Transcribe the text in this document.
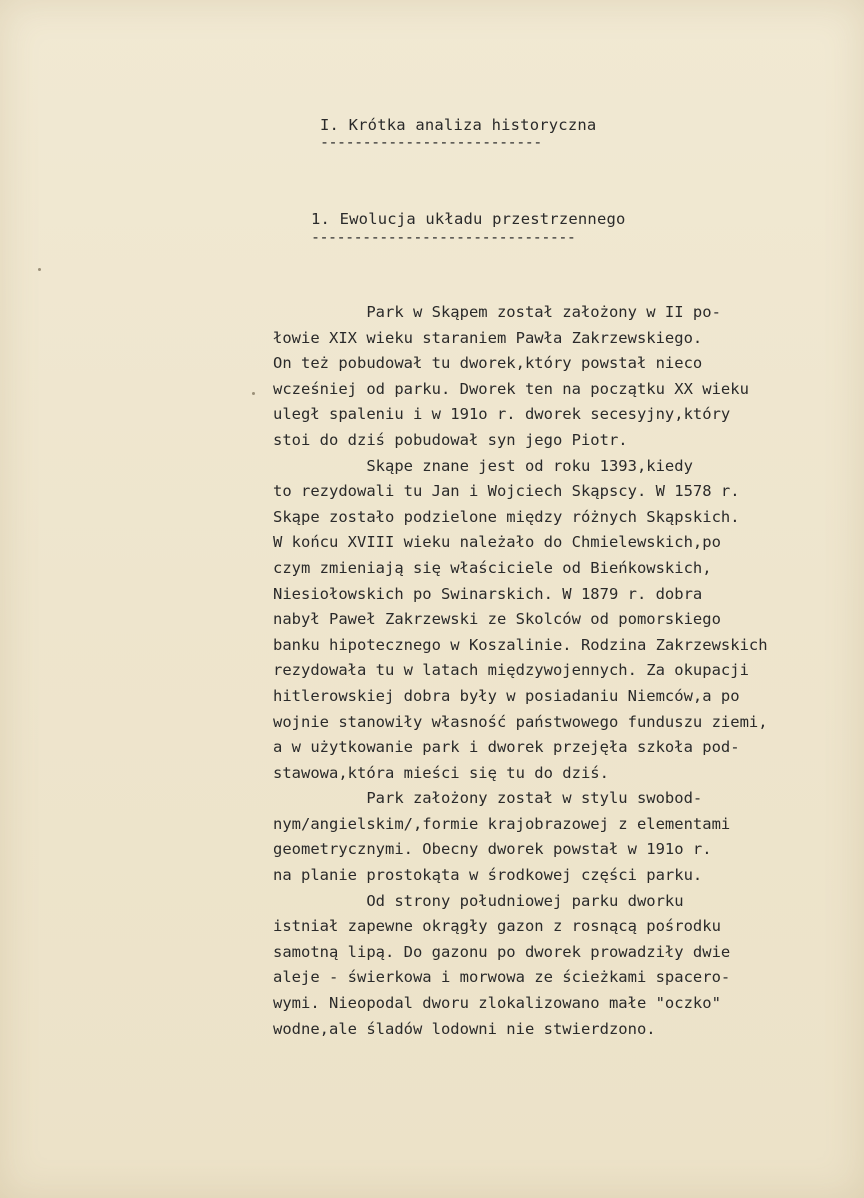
I. Krótka analiza historyczna
--------------------------
1. Ewolucja układu przestrzennego
-------------------------------
Park w Skąpem został założony w II po-
łowie XIX wieku staraniem Pawła Zakrzewskiego.
On też pobudował tu dworek,który powstał nieco
wcześniej od parku. Dworek ten na początku XX wieku
uległ spaleniu i w 191o r. dworek secesyjny,który
stoi do dziś pobudował syn jego Piotr.
Skąpe znane jest od roku 1393,kiedy
to rezydowali tu Jan i Wojciech Skąpscy. W 1578 r.
Skąpe zostało podzielone między różnych Skąpskich.
W końcu XVIII wieku należało do Chmielewskich,po
czym zmieniają się właściciele od Bieńkowskich,
Niesiołowskich po Swinarskich. W 1879 r. dobra
nabył Paweł Zakrzewski ze Skolców od pomorskiego
banku hipotecznego w Koszalinie. Rodzina Zakrzewskich
rezydowała tu w latach międzywojennych. Za okupacji
hitlerowskiej dobra były w posiadaniu Niemców,a po
wojnie stanowiły własność państwowego funduszu ziemi,
a w użytkowanie park i dworek przejęła szkoła pod-
stawowa,która mieści się tu do dziś.
Park założony został w stylu swobod-
nym/angielskim/,formie krajobrazowej z elementami
geometrycznymi. Obecny dworek powstał w 191o r.
na planie prostokąta w środkowej części parku.
Od strony południowej parku dworku
istniał zapewne okrągły gazon z rosnącą pośrodku
samotną lipą. Do gazonu po dworek prowadziły dwie
aleje - świerkowa i morwowa ze ścieżkami spacero-
wymi. Nieopodal dworu zlokalizowano małe "oczko"
wodne,ale śladów lodowni nie stwierdzono.
